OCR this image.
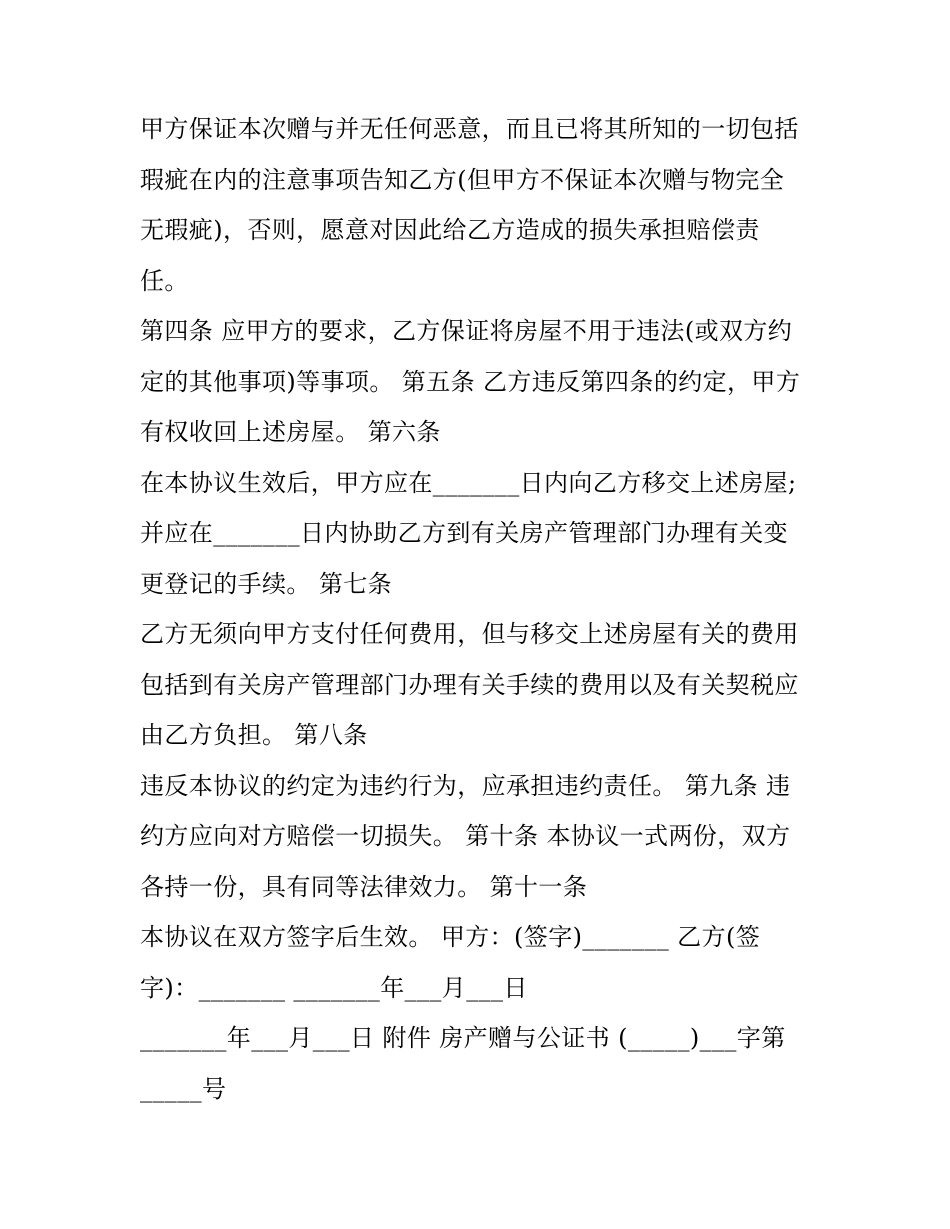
甲方保证本次赠与并无任何恶意，而且已将其所知的一切包括
瑕疵在内的注意事项告知乙方(但甲方不保证本次赠与物完全
无瑕疵)，否则，愿意对因此给乙方造成的损失承担赔偿责
任。
第四条 应甲方的要求，乙方保证将房屋不用于违法(或双方约
定的其他事项)等事项。 第五条 乙方违反第四条的约定，甲方
有权收回上述房屋。 第六条
在本协议生效后，甲方应在_______日内向乙方移交上述房屋;
并应在_______日内协助乙方到有关房产管理部门办理有关变
更登记的手续。 第七条
乙方无须向甲方支付任何费用，但与移交上述房屋有关的费用
包括到有关房产管理部门办理有关手续的费用以及有关契税应
由乙方负担。 第八条
违反本协议的约定为违约行为，应承担违约责任。 第九条 违
约方应向对方赔偿一切损失。 第十条 本协议一式两份，双方
各持一份，具有同等法律效力。 第十一条
本协议在双方签字后生效。 甲方：(签字)_______ 乙方(签
字)：_______ _______年___月___日
_______年___月___日 附件 房产赠与公证书 (_____)___字第
_____号
